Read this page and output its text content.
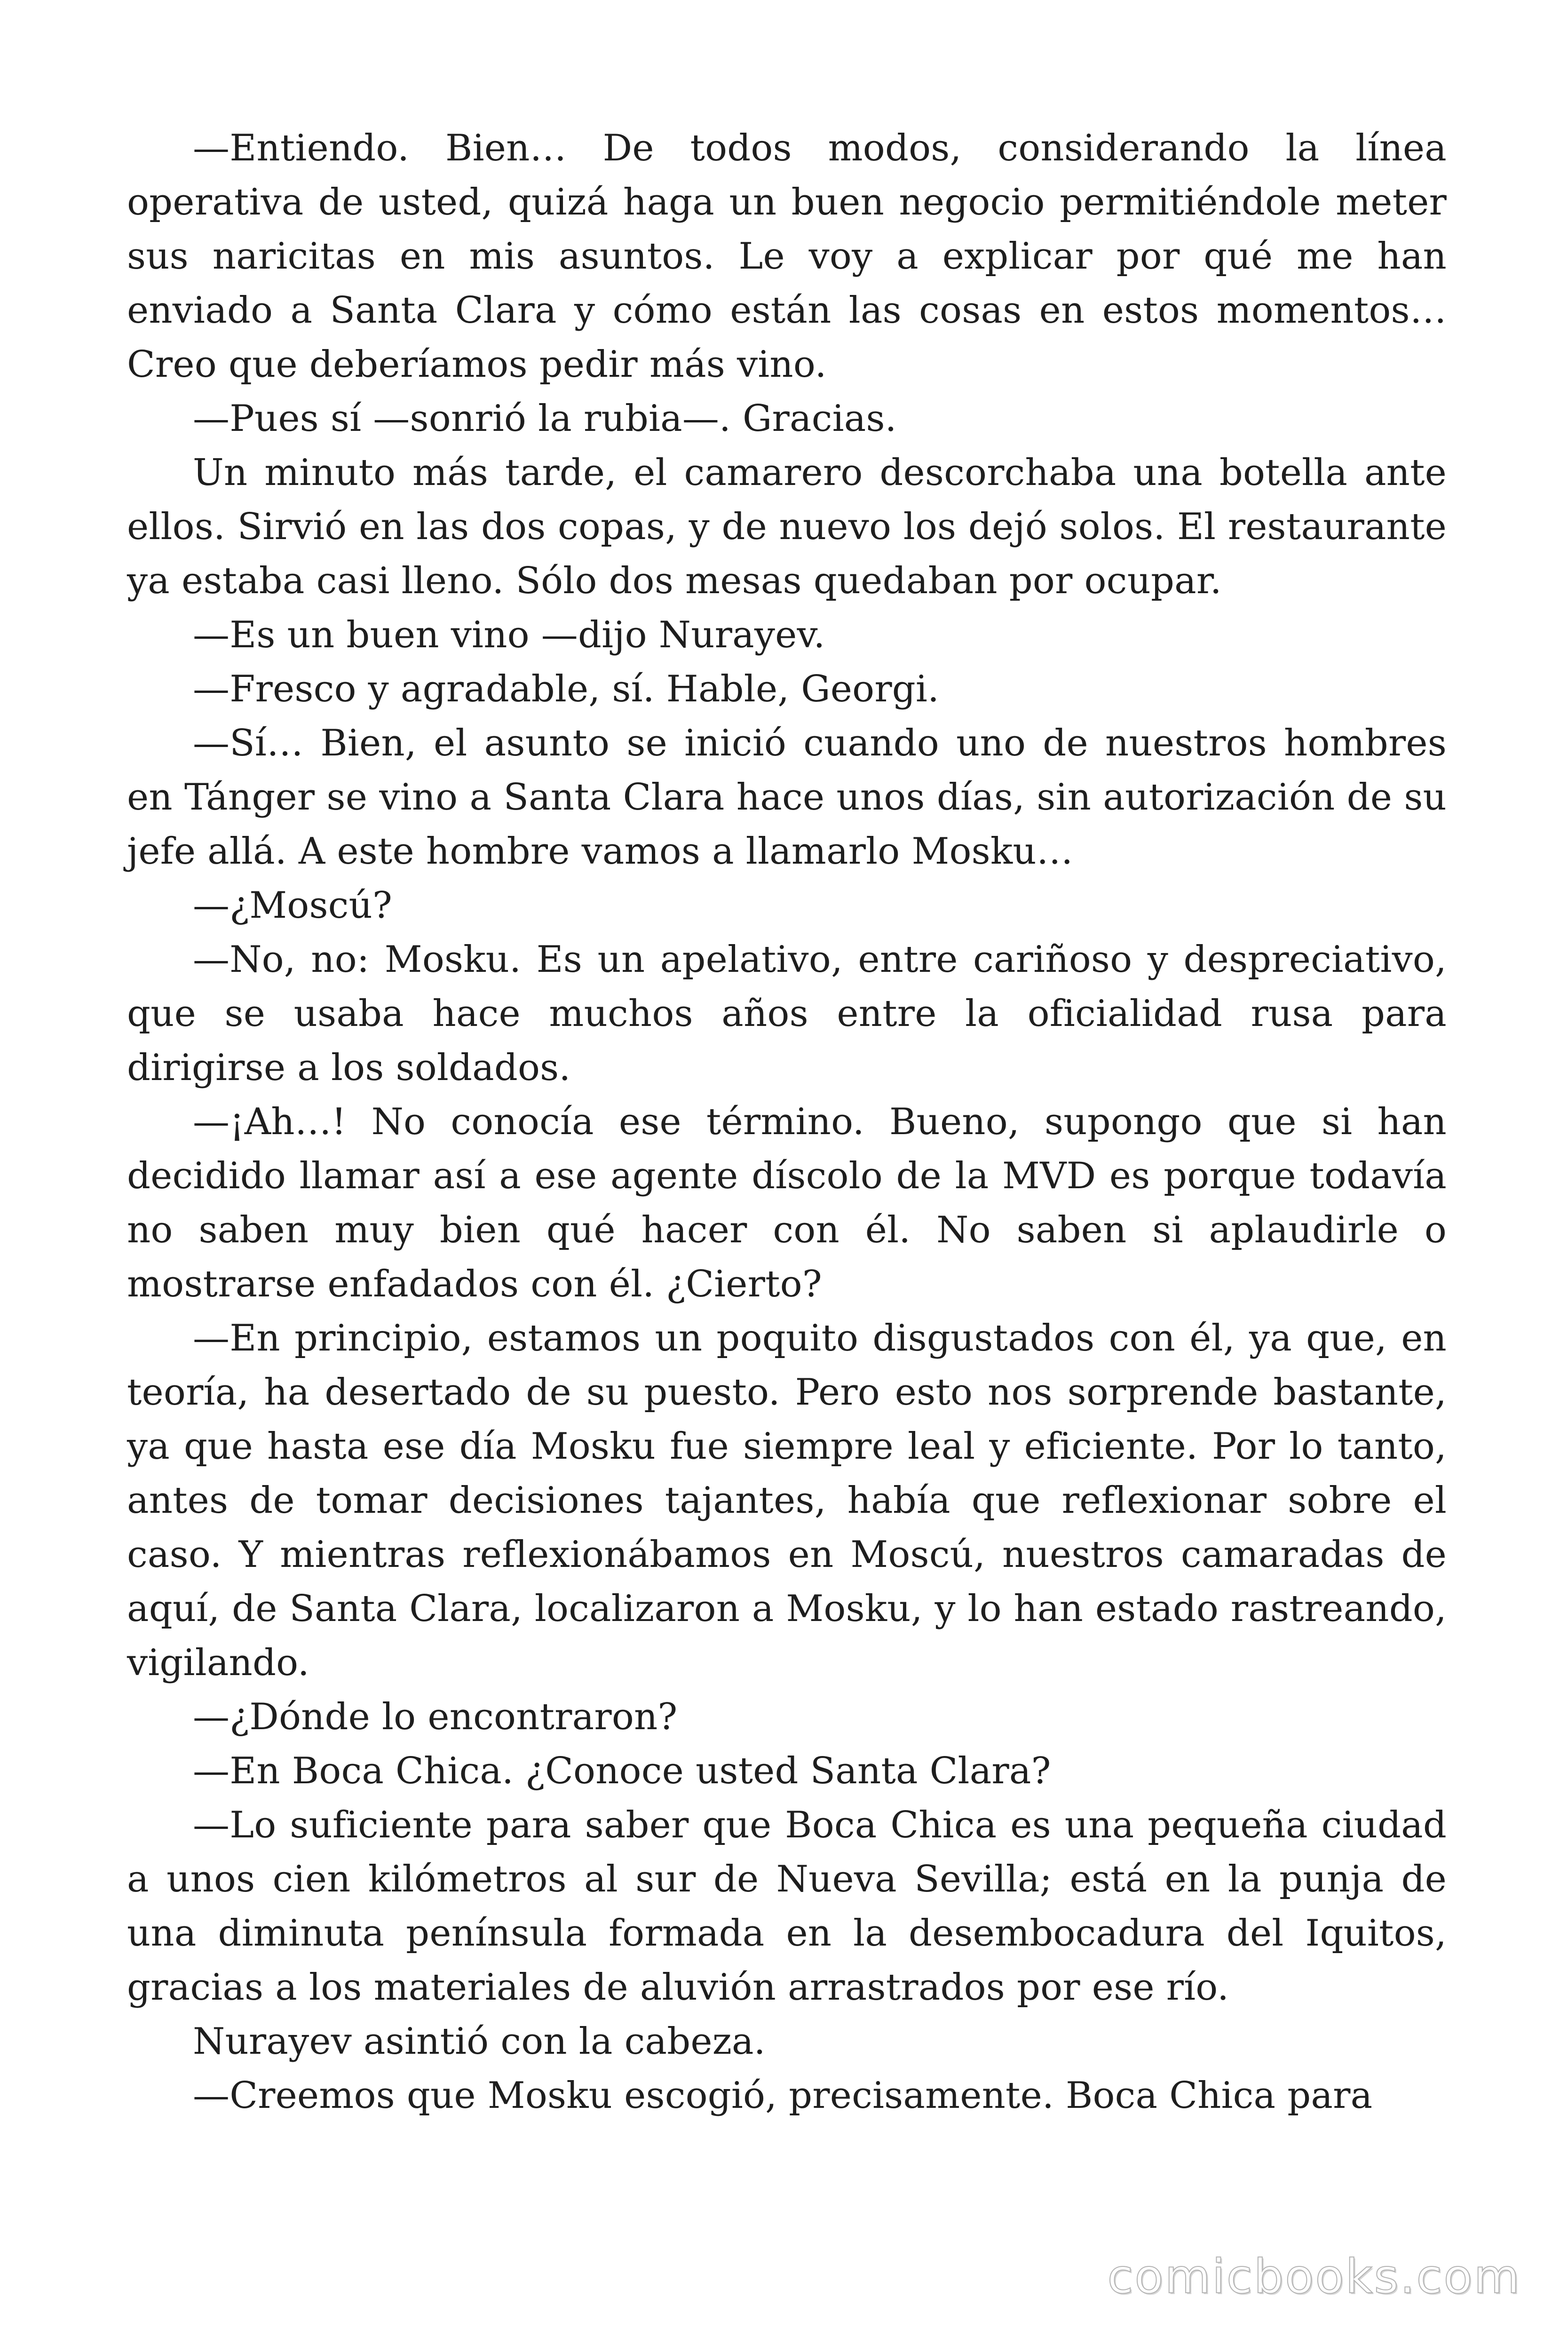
—Entiendo. Bien… De todos modos, considerando la línea operativa de usted, quizá haga un buen negocio permitiéndole meter sus naricitas en mis asuntos. Le voy a explicar por qué me han enviado a Santa Clara y cómo están las cosas en estos momentos… Creo que deberíamos pedir más vino.

—Pues sí —sonrió la rubia—. Gracias.

Un minuto más tarde, el camarero descorchaba una botella ante ellos. Sirvió en las dos copas, y de nuevo los dejó solos. El restaurante ya estaba casi lleno. Sólo dos mesas quedaban por ocupar.

—Es un buen vino —dijo Nurayev.

—Fresco y agradable, sí. Hable, Georgi.

—Sí… Bien, el asunto se inició cuando uno de nuestros hombres en Tánger se vino a Santa Clara hace unos días, sin autorización de su jefe allá. A este hombre vamos a llamarlo Mosku…

—¿Moscú?

—No, no: Mosku. Es un apelativo, entre cariñoso y despreciativo, que se usaba hace muchos años entre la oficialidad rusa para dirigirse a los soldados.

—¡Ah…! No conocía ese término. Bueno, supongo que si han decidido llamar así a ese agente díscolo de la MVD es porque todavía no saben muy bien qué hacer con él. No saben si aplaudirle o mostrarse enfadados con él. ¿Cierto?

—En principio, estamos un poquito disgustados con él, ya que, en teoría, ha desertado de su puesto. Pero esto nos sorprende bastante, ya que hasta ese día Mosku fue siempre leal y eficiente. Por lo tanto, antes de tomar decisiones tajantes, había que reflexionar sobre el caso. Y mientras reflexionábamos en Moscú, nuestros camaradas de aquí, de Santa Clara, localizaron a Mosku, y lo han estado rastreando, vigilando.

—¿Dónde lo encontraron?

—En Boca Chica. ¿Conoce usted Santa Clara?

—Lo suficiente para saber que Boca Chica es una pequeña ciudad a unos cien kilómetros al sur de Nueva Sevilla; está en la punja de una diminuta península formada en la desembocadura del Iquitos, gracias a los materiales de aluvión arrastrados por ese río.

Nurayev asintió con la cabeza.

—Creemos que Mosku escogió, precisamente. Boca Chica para

comicbooks.com
